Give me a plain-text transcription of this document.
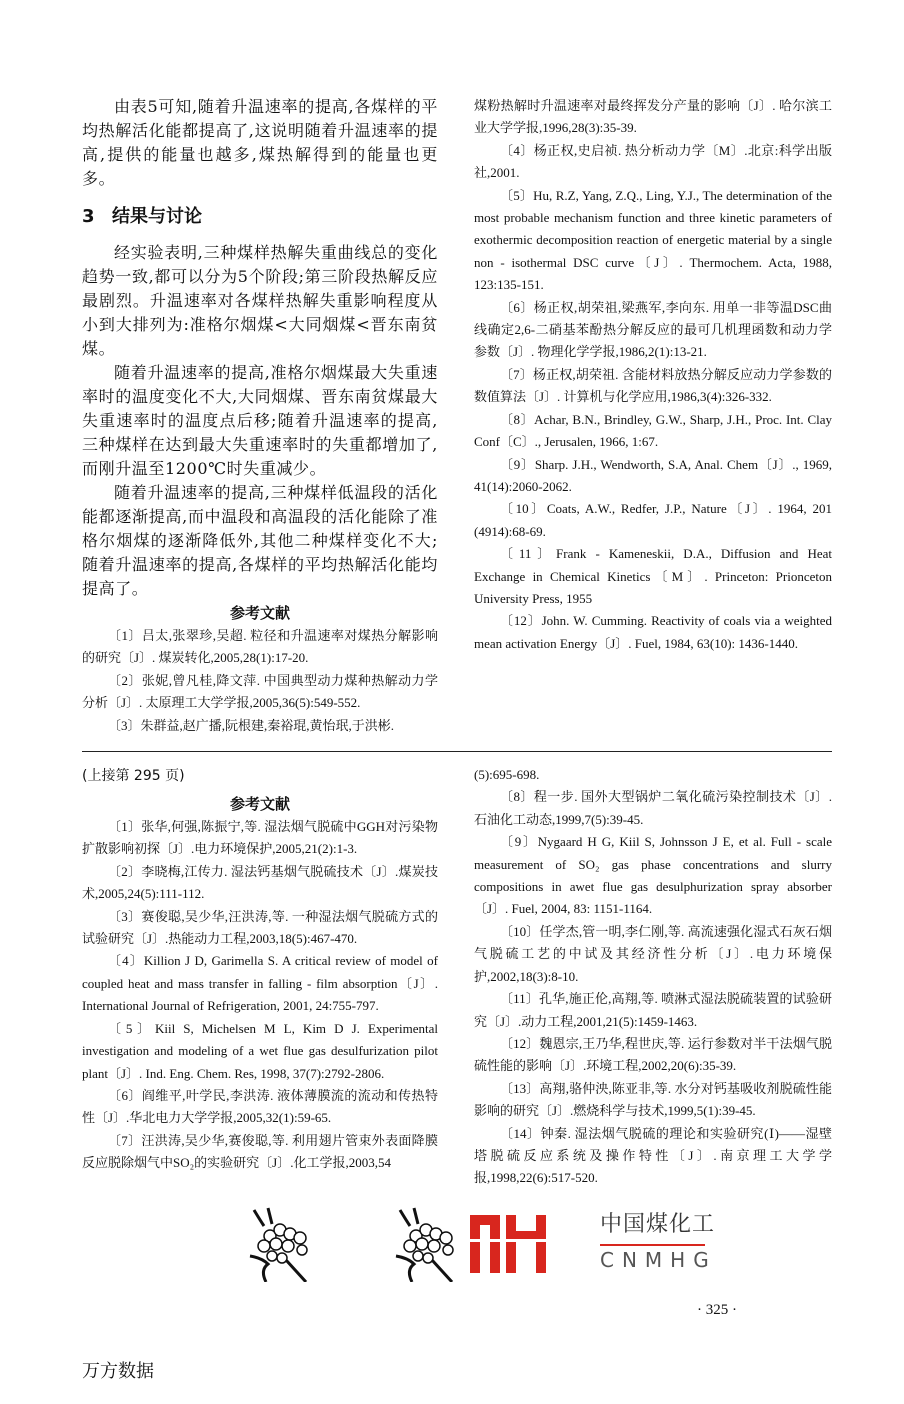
由表5可知,随着升温速率的提高,各煤样的平均热解活化能都提高了,这说明随着升温速率的提高,提供的能量也越多,煤热解得到的能量也更多。

3 结果与讨论

经实验表明,三种煤样热解失重曲线总的变化趋势一致,都可以分为5个阶段;第三阶段热解反应最剧烈。升温速率对各煤样热解失重影响程度从小到大排列为:准格尔烟煤<大同烟煤<晋东南贫煤。

随着升温速率的提高,准格尔烟煤最大失重速率时的温度变化不大,大同烟煤、晋东南贫煤最大失重速率时的温度点后移;随着升温速率的提高,三种煤样在达到最大失重速率时的失重都增加了,而刚升温至1200℃时失重减少。

随着升温速率的提高,三种煤样低温段的活化能都逐渐提高,而中温段和高温段的活化能除了准格尔烟煤的逐渐降低外,其他二种煤样变化不大;随着升温速率的提高,各煤样的平均热解活化能均提高了。

参考文献

〔1〕吕太,张翠珍,吴超. 粒径和升温速率对煤热分解影响的研究〔J〕. 煤炭转化,2005,28(1):17-20.

〔2〕张妮,曾凡桂,降文萍. 中国典型动力煤种热解动力学分析〔J〕. 太原理工大学学报,2005,36(5):549-552.

〔3〕朱群益,赵广播,阮根建,秦裕琨,黄怡珉,于洪彬.

煤粉热解时升温速率对最终挥发分产量的影响〔J〕. 哈尔滨工业大学学报,1996,28(3):35-39.

〔4〕杨正权,史启祯. 热分析动力学〔M〕.北京:科学出版社,2001.

〔5〕Hu, R.Z, Yang, Z.Q., Ling, Y.J., The determination of the most probable mechanism function and three kinetic parameters of exothermic decomposition reaction of energetic material by a single non - isothermal DSC curve〔J〕. Thermochem. Acta, 1988, 123:135-151.

〔6〕杨正权,胡荣祖,梁燕军,李向东. 用单一非等温DSC曲线确定2,6-二硝基苯酚热分解反应的最可几机理函数和动力学参数〔J〕. 物理化学学报,1986,2(1):13-21.

〔7〕杨正权,胡荣祖. 含能材料放热分解反应动力学参数的数值算法〔J〕. 计算机与化学应用,1986,3(4):326-332.

〔8〕Achar, B.N., Brindley, G.W., Sharp, J.H., Proc. Int. Clay Conf〔C〕., Jerusalen, 1966, 1:67.

〔9〕Sharp. J.H., Wendworth, S.A, Anal. Chem〔J〕., 1969, 41(14):2060-2062.

〔10〕Coats, A.W., Redfer, J.P., Nature〔J〕. 1964, 201 (4914):68-69.

〔11〕Frank - Kameneskii, D.A., Diffusion and Heat Exchange in Chemical Kinetics〔M〕. Princeton: Prionceton University Press, 1955

〔12〕John. W. Cumming. Reactivity of coals via a weighted mean activation Energy〔J〕. Fuel, 1984, 63(10): 1436-1440.

(上接第 295 页)

参考文献

〔1〕张华,何强,陈振宁,等. 湿法烟气脱硫中GGH对污染物扩散影响初探〔J〕.电力环境保护,2005,21(2):1-3.

〔2〕李晓梅,江传力. 湿法钙基烟气脱硫技术〔J〕.煤炭技术,2005,24(5):111-112.

〔3〕赛俊聪,吴少华,汪洪涛,等. 一种湿法烟气脱硫方式的试验研究〔J〕.热能动力工程,2003,18(5):467-470.

〔4〕Killion J D, Garimella S. A critical review of model of coupled heat and mass transfer in falling - film absorption〔J〕. International Journal of Refrigeration, 2001, 24:755-797.

〔5〕Kiil S, Michelsen M L, Kim D J. Experimental investigation and modeling of a wet flue gas desulfurization pilot plant〔J〕. Ind. Eng. Chem. Res, 1998, 37(7):2792-2806.

〔6〕阎维平,叶学民,李洪涛. 液体薄膜流的流动和传热特性〔J〕.华北电力大学学报,2005,32(1):59-65.

〔7〕汪洪涛,吴少华,赛俊聪,等. 利用翅片管束外表面降膜反应脱除烟气中SO₂的实验研究〔J〕.化工学报,2003,54

(5):695-698.

〔8〕程一步. 国外大型锅炉二氧化硫污染控制技术〔J〕.石油化工动态,1999,7(5):39-45.

〔9〕Nygaard H G, Kiil S, Johnsson J E, et al. Full - scale measurement of SO₂ gas phase concentrations and slurry compositions in awet flue gas desulphurization spray absorber〔J〕. Fuel, 2004, 83: 1151-1164.

〔10〕任学杰,管一明,李仁刚,等. 高流速强化湿式石灰石烟气脱硫工艺的中试及其经济性分析〔J〕.电力环境保护,2002,18(3):8-10.

〔11〕孔华,施正伦,高翔,等. 喷淋式湿法脱硫装置的试验研究〔J〕.动力工程,2001,21(5):1459-1463.

〔12〕魏恩宗,王乃华,程世庆,等. 运行参数对半干法烟气脱硫性能的影响〔J〕.环境工程,2002,20(6):35-39.

〔13〕高翔,骆仲泱,陈亚非,等. 水分对钙基吸收剂脱硫性能影响的研究〔J〕.燃烧科学与技术,1999,5(1):39-45.

〔14〕钟秦. 湿法烟气脱硫的理论和实验研究(Ⅰ)——湿壁塔脱硫反应系统及操作特性〔J〕.南京理工大学学报,1998,22(6):517-520.

中国煤化工
CNMHG
· 325 ·
万方数据
